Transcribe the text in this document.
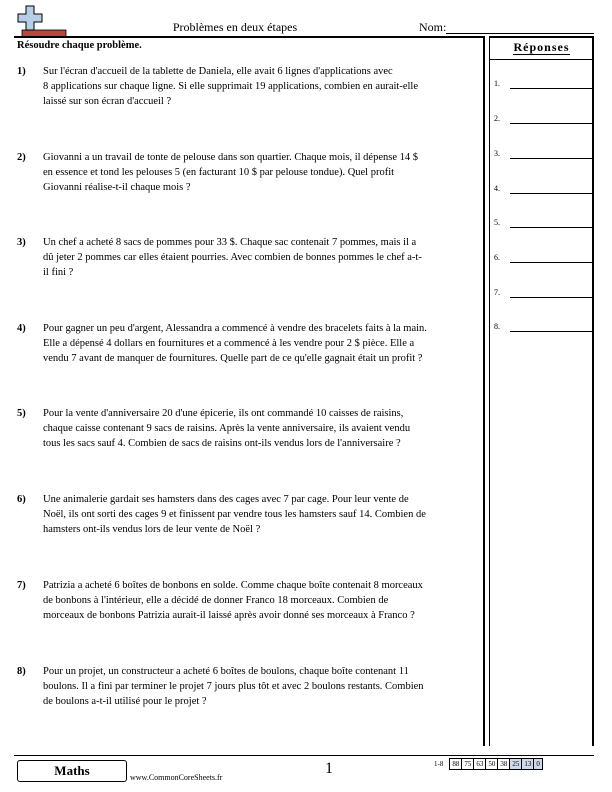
Problèmes en deux étapes	Nom:
Résoudre chaque problème.	Réponses
1.
2.
3.
4.
5.
6.
7.
8.
1) Sur l'écran d'accueil de la tablette de Daniela, elle avait 6 lignes d'applications avec
8 applications sur chaque ligne. Si elle supprimait 19 applications, combien en aurait-elle
laissé sur son écran d'accueil ?
2) Giovanni a un travail de tonte de pelouse dans son quartier. Chaque mois, il dépense 14 $
en essence et tond les pelouses 5 (en facturant 10 $ par pelouse tondue). Quel profit
Giovanni réalise-t-il chaque mois ?
3) Un chef a acheté 8 sacs de pommes pour 33 $. Chaque sac contenait 7 pommes, mais il a
dû jeter 2 pommes car elles étaient pourries. Avec combien de bonnes pommes le chef a-t-
il fini ?
4) Pour gagner un peu d'argent, Alessandra a commencé à vendre des bracelets faits à la main.
Elle a dépensé 4 dollars en fournitures et a commencé à les vendre pour 2 $ pièce. Elle a
vendu 7 avant de manquer de fournitures. Quelle part de ce qu'elle gagnait était un profit ?
5) Pour la vente d'anniversaire 20 d'une épicerie, ils ont commandé 10 caisses de raisins,
chaque caisse contenant 9 sacs de raisins. Après la vente anniversaire, ils avaient vendu
tous les sacs sauf 4. Combien de sacs de raisins ont-ils vendus lors de l'anniversaire ?
6) Une animalerie gardait ses hamsters dans des cages avec 7 par cage. Pour leur vente de
Noël, ils ont sorti des cages 9 et finissent par vendre tous les hamsters sauf 14. Combien de
hamsters ont-ils vendus lors de leur vente de Noël ?
7) Patrizia a acheté 6 boîtes de bonbons en solde. Comme chaque boîte contenait 8 morceaux
de bonbons à l'intérieur, elle a décidé de donner Franco 18 morceaux. Combien de
morceaux de bonbons Patrizia aurait-il laissé après avoir donné ses morceaux à Franco ?
8) Pour un projet, un constructeur a acheté 6 boîtes de boulons, chaque boîte contenant 11
boulons. Il a fini par terminer le projet 7 jours plus tôt et avec 2 boulons restants. Combien
de boulons a-t-il utilisé pour le projet ?
Maths	www.CommonCoreSheets.fr
1	1-8	88	75	63	50	38	25	13	0
